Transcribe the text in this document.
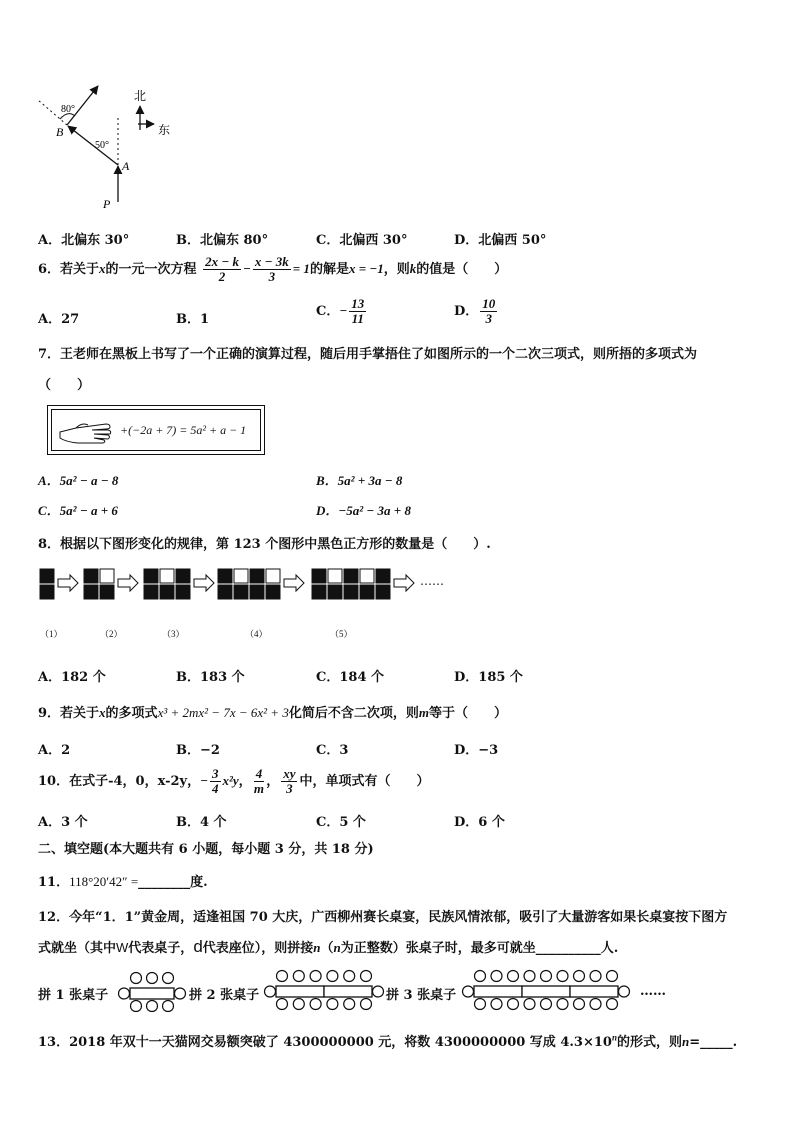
北
东
80°
50°
B
A
P
A．北偏东 30°	B．北偏东 80°	C．北偏西 30°	D．北偏西 50°
6．若关于x的一元一次方程 $\frac{2x - k}{2} - \frac{x - 3k}{3} = 1$的解是x = −1，则k的值是（　　）
A．27	B．1
C．− $\frac{13}{11}$	D． $\frac{10}{3}$
7．王老师在黑板上书写了一个正确的演算过程，随后用手掌捂住了如图所示的一个二次三项式，则所捂的多项式为
（　　）
+(−2a + 7) = 5a² + a − 1
A．5a² − a − 8	B．5a² + 3a − 8
C．5a² − a + 6	D．−5a² − 3a + 8
8．根据以下图形变化的规律，第 123 个图形中黑色正方形的数量是（　　）.
……
（1）	（2）	（3）	（4）	（5）
A．182 个	B．183 个	C．184 个	D．185 个
9．若关于x的多项式x³ + 2mx² − 7x − 6x² + 3化简后不含二次项，则m等于（　　）
A．2	B．−2	C．3	D．−3
10．在式子-4，0，x-2y，− $\frac{3}{4} x^2y$， $\frac{4}{m}$ ， $\frac{xy}{3}$ 中，单项式有（　　）
A．3 个	B．4 个	C．5 个	D．6 个
二、填空题(本大题共有 6 小题，每小题 3 分，共 18 分)
11．118°20′42″ =________度.
12．今年“1．1”黄金周，适逢祖国 70 大庆，广西柳州赛长桌宴，民族风情浓郁，吸引了大量游客如果长桌宴按下图方
式就坐（其中W代表桌子，d代表座位），则拼接n（n为正整数）张桌子时，最多可就坐__________人.
拼 1 张桌子	拼 2 张桌子	拼 3 张桌子	……
13．2018 年双十一天猫网交易额突破了 4300000000 元，将数 4300000000 写成 $4.3\times 10^n$的形式，则n=_____.
